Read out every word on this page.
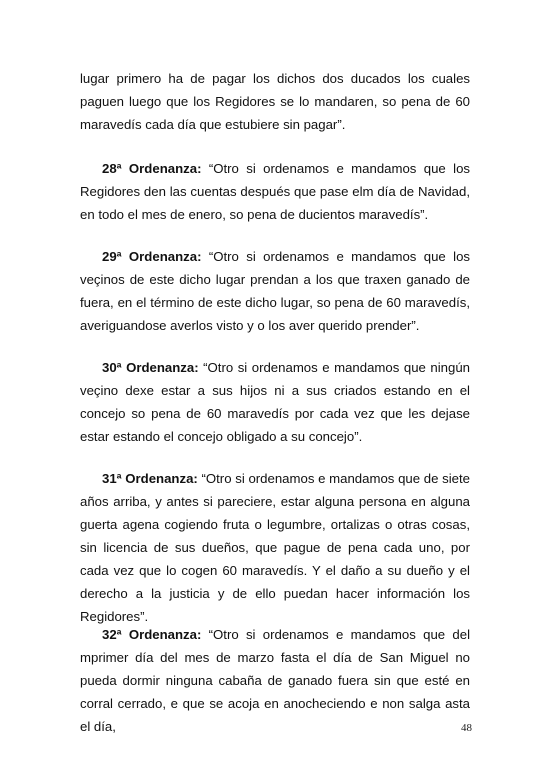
lugar primero ha de pagar los dichos dos ducados los cuales paguen luego que los Regidores se lo mandaren, so pena de 60 maravedís cada día que estubiere sin pagar”.

28ª Ordenanza: “Otro si ordenamos e mandamos que los Regidores den las cuentas después que pase elm día de Navidad, en todo el mes de enero, so pena de ducientos maravedís”.

29ª Ordenanza: “Otro si ordenamos e mandamos que los veçinos de este dicho lugar prendan a los que traxen ganado de fuera, en el término de este dicho lugar, so pena de 60 maravedís, averiguandose averlos visto y o los aver querido prender”.

30ª Ordenanza: “Otro si ordenamos e mandamos que ningún veçino dexe estar a sus hijos ni a sus criados estando en el concejo so pena de 60 maravedís por cada vez que les dejase estar estando el concejo obligado a su concejo”.

31ª Ordenanza: “Otro si ordenamos e mandamos que de siete años arriba, y antes si pareciere, estar alguna persona en alguna guerta agena cogiendo fruta o legumbre, ortalizas o otras cosas, sin licencia de sus dueños, que pague de pena cada uno, por cada vez que lo cogen 60 maravedís. Y el daño a su dueño y el derecho a la justicia y de ello puedan hacer información los Regidores”.

32ª Ordenanza: “Otro si ordenamos e mandamos que del mprimer día del mes de marzo fasta el día de San Miguel no pueda dormir ninguna cabaña de ganado fuera sin que esté en corral cerrado, e que se acoja en anocheciendo e non salga asta el día,	48
